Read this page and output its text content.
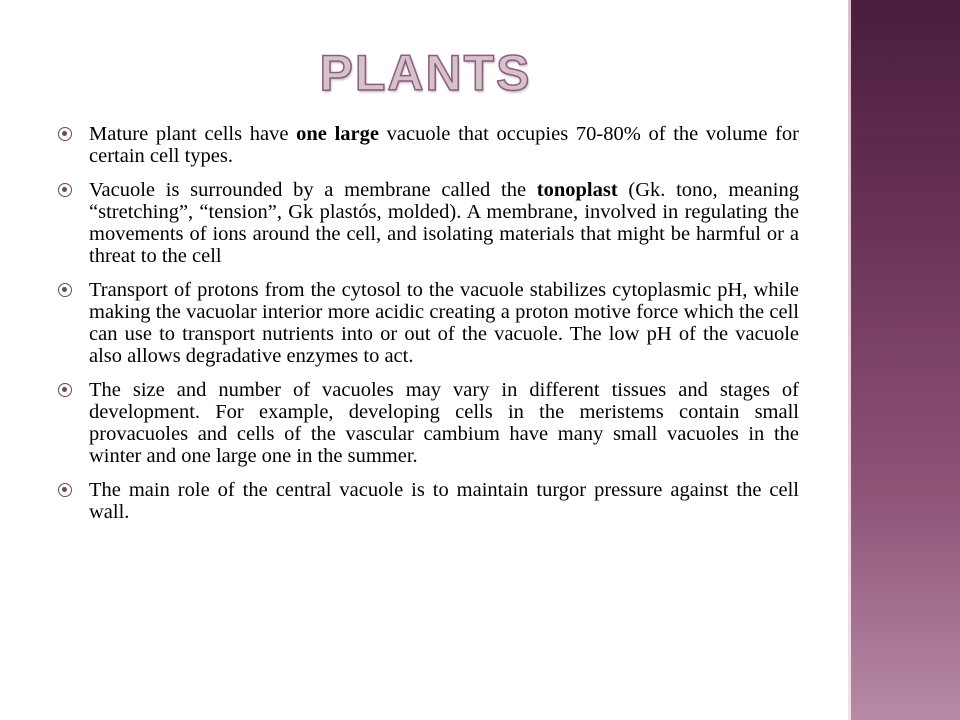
PLANTS
Mature plant cells have one large vacuole that occupies 70-80% of the volume for certain cell types.
Vacuole is surrounded by a membrane called the tonoplast (Gk. tono, meaning “stretching”, “tension”, Gk plastós, molded). A membrane, involved in regulating the movements of ions around the cell, and isolating materials that might be harmful or a threat to the cell
Transport of protons from the cytosol to the vacuole stabilizes cytoplasmic pH, while making the vacuolar interior more acidic creating a proton motive force which the cell can use to transport nutrients into or out of the vacuole. The low pH of the vacuole also allows degradative enzymes to act.
The size and number of vacuoles may vary in different tissues and stages of development. For example, developing cells in the meristems contain small provacuoles and cells of the vascular cambium have many small vacuoles in the winter and one large one in the summer.
The main role of the central vacuole is to maintain turgor pressure against the cell wall.
